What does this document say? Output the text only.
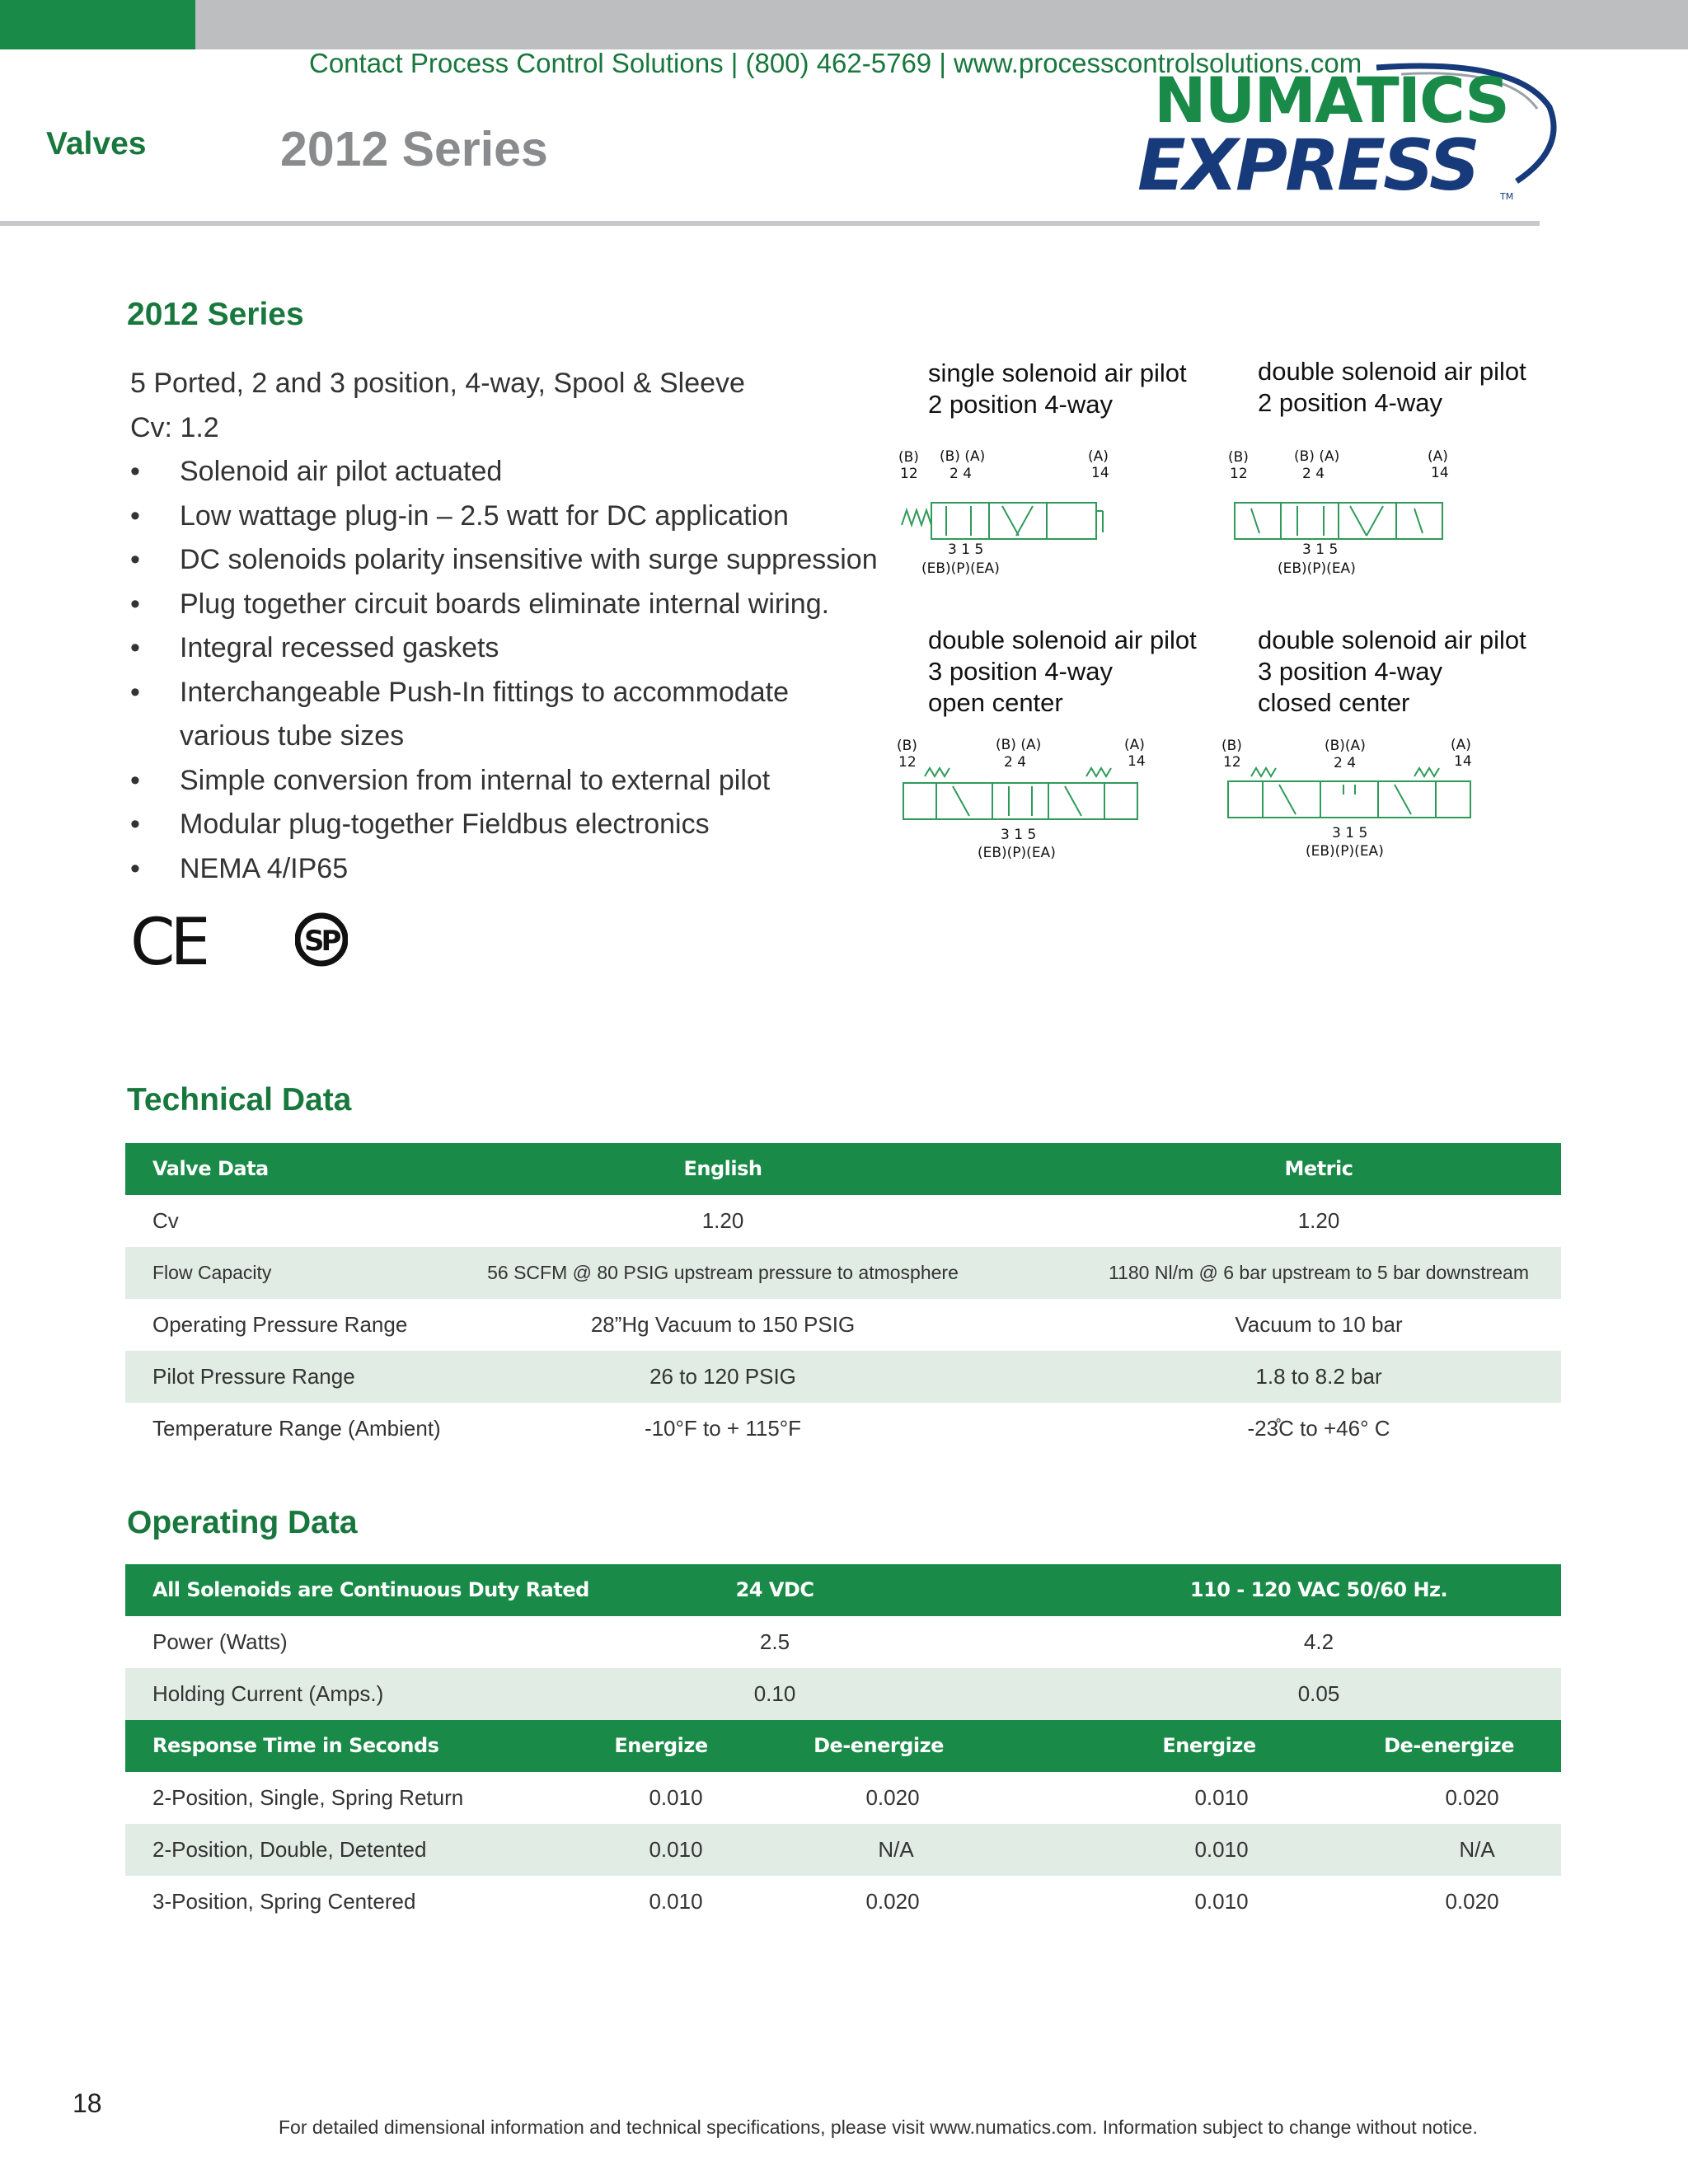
Contact Process Control Solutions | (800) 462-5769 | www.processcontrolsolutions.com
Valves	2012 Series
NUMATICS
EXPRESS TM
2012 Series
5 Ported, 2 and 3 position, 4-way, Spool & Sleeve
Cv: 1.2
• Solenoid air pilot actuated
• Low wattage plug-in – 2.5 watt for DC application
• DC solenoids polarity insensitive with surge suppression
• Plug together circuit boards eliminate internal wiring.
• Integral recessed gaskets
• Interchangeable Push-In fittings to accommodate
various tube sizes
• Simple conversion from internal to external pilot
• Modular plug-together Fieldbus electronics
• NEMA 4/IP65
CE	SP
single solenoid air pilot
2 position 4-way
double solenoid air pilot
2 position 4-way
double solenoid air pilot
3 position 4-way
open center
double solenoid air pilot
3 position 4-way
closed center
(B)
12
(B) (A)
2 4
(A)
14
3 1 5
(EB)(P)(EA)
(B)
12
(B) (A)
2 4
(A)
14
3 1 5
(EB)(P)(EA)
(B)
12
(B) (A)
2 4
(A)
14
3 1 5
(EB)(P)(EA)
(B)
12
(B)(A)
2 4
(A)
14
3 1 5
(EB)(P)(EA)
Technical Data
Valve Data	English	Metric
Cv	1.20	1.20
Flow Capacity	56 SCFM @ 80 PSIG upstream pressure to atmosphere	1180 Nl/m @ 6 bar upstream to 5 bar downstream
Operating Pressure Range	28”Hg Vacuum to 150 PSIG	Vacuum to 10 bar
Pilot Pressure Range	26 to 120 PSIG	1.8 to 8.2 bar
Temperature Range (Ambient)	-10°F to + 115°F	-23̊C to +46° C
Operating Data
All Solenoids are Continuous Duty Rated	24 VDC	110 - 120 VAC 50/60 Hz.
Power (Watts)	2.5	4.2
Holding Current (Amps.)	0.10	0.05
Response Time in Seconds	Energize	De-energize	Energize	De-energize
2-Position, Single, Spring Return	0.010	0.020	0.010	0.020
2-Position, Double, Detented	0.010	N/A	0.010	N/A
3-Position, Spring Centered	0.010	0.020	0.010	0.020
18
For detailed dimensional information and technical specifications, please visit www.numatics.com. Information subject to change without notice.
